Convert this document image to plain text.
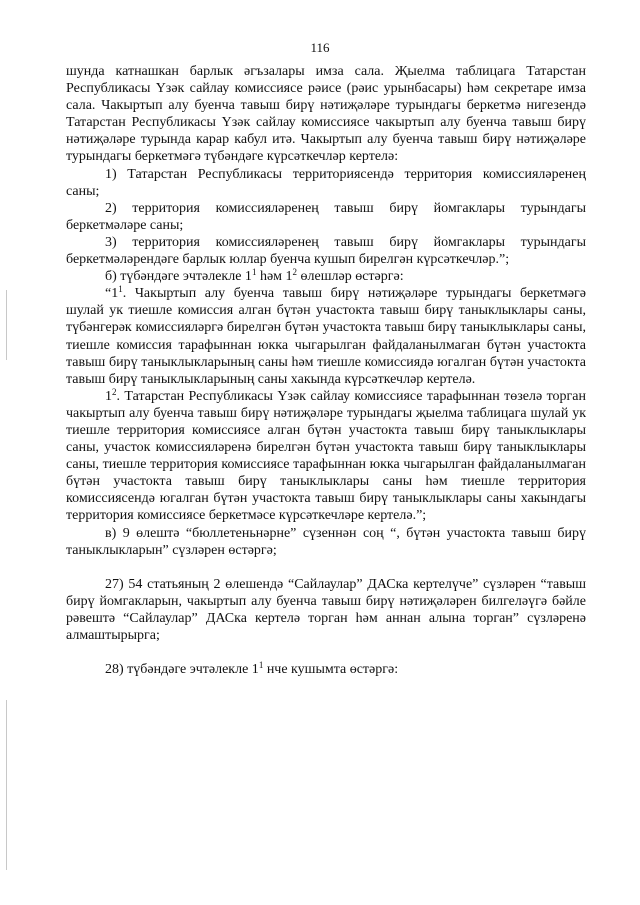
116

шунда катнашкан барлык әгъзалары имза сала. Җыелма таблицага Татарстан Республикасы Үзәк сайлау комиссиясе рәисе (рәис урынбасары) һәм секретаре имза сала. Чакыртып алу буенча тавыш бирү нәтиҗәләре турындагы беркетмә нигезендә Татарстан Республикасы Үзәк сайлау комиссиясе чакыртып алу буенча тавыш бирү нәтиҗәләре турында карар кабул итә. Чакыртып алу буенча тавыш бирү нәтиҗәләре турындагы беркетмәгә түбәндәге күрсәткечләр кертелә:

1) Татарстан Республикасы территориясендә территория комиссияләренең саны;

2) территория комиссияләренең тавыш бирү йомгаклары турындагы беркетмәләре саны;

3) территория комиссияләренең тавыш бирү йомгаклары турындагы беркетмәләрендәге барлык юллар буенча кушып бирелгән күрсәткечләр.”;

б) түбәндәге эчтәлекле $1^1$ һәм $1^2$ өлешләр өстәргә:

“$1^1$. Чакыртып алу буенча тавыш бирү нәтиҗәләре турындагы беркетмәгә шулай ук тиешле комиссия алган бүтән участокта тавыш бирү таныклыклары саны, түбәнгерәк комиссияләргә бирелгән бүтән участокта тавыш бирү таныклыклары саны, тиешле комиссия тарафыннан юкка чыгарылган файдаланылмаган бүтән участокта тавыш бирү таныклыкларының саны һәм тиешле комиссиядә югалган бүтән участокта тавыш бирү таныклыкларының саны хакында күрсәткечләр кертелә.

$1^2$. Татарстан Республикасы Үзәк сайлау комиссиясе тарафыннан төзелә торган чакыртып алу буенча тавыш бирү нәтиҗәләре турындагы җыелма таблицага шулай ук тиешле территория комиссиясе алган бүтән участокта тавыш бирү таныклыклары саны, участок комиссияләренә бирелгән бүтән участокта тавыш бирү таныклыклары саны, тиешле территория комиссиясе тарафыннан юкка чыгарылган файдаланылмаган бүтән участокта тавыш бирү таныклыклары саны һәм тиешле территория комиссиясендә югалган бүтән участокта тавыш бирү таныклыклары саны хакындагы территория комиссиясе беркетмәсе күрсәткечләре кертелә.”;

в) 9 өлештә “бюллетеньнәрне” сүзеннән соң “, бүтән участокта тавыш бирү таныклыкларын” сүзләрен өстәргә;

27) 54 статьяның 2 өлешендә “Сайлаулар” ДАСка кертелүче” сүзләрен “тавыш бирү йомгакларын, чакыртып алу буенча тавыш бирү нәтиҗәләрен билгеләүгә бәйле рәвештә “Сайлаулар” ДАСка кертелә торган һәм аннан алына торган” сүзләренә алмаштырырга;

28) түбәндәге эчтәлекле $1^1$ нче кушымта өстәргә:
